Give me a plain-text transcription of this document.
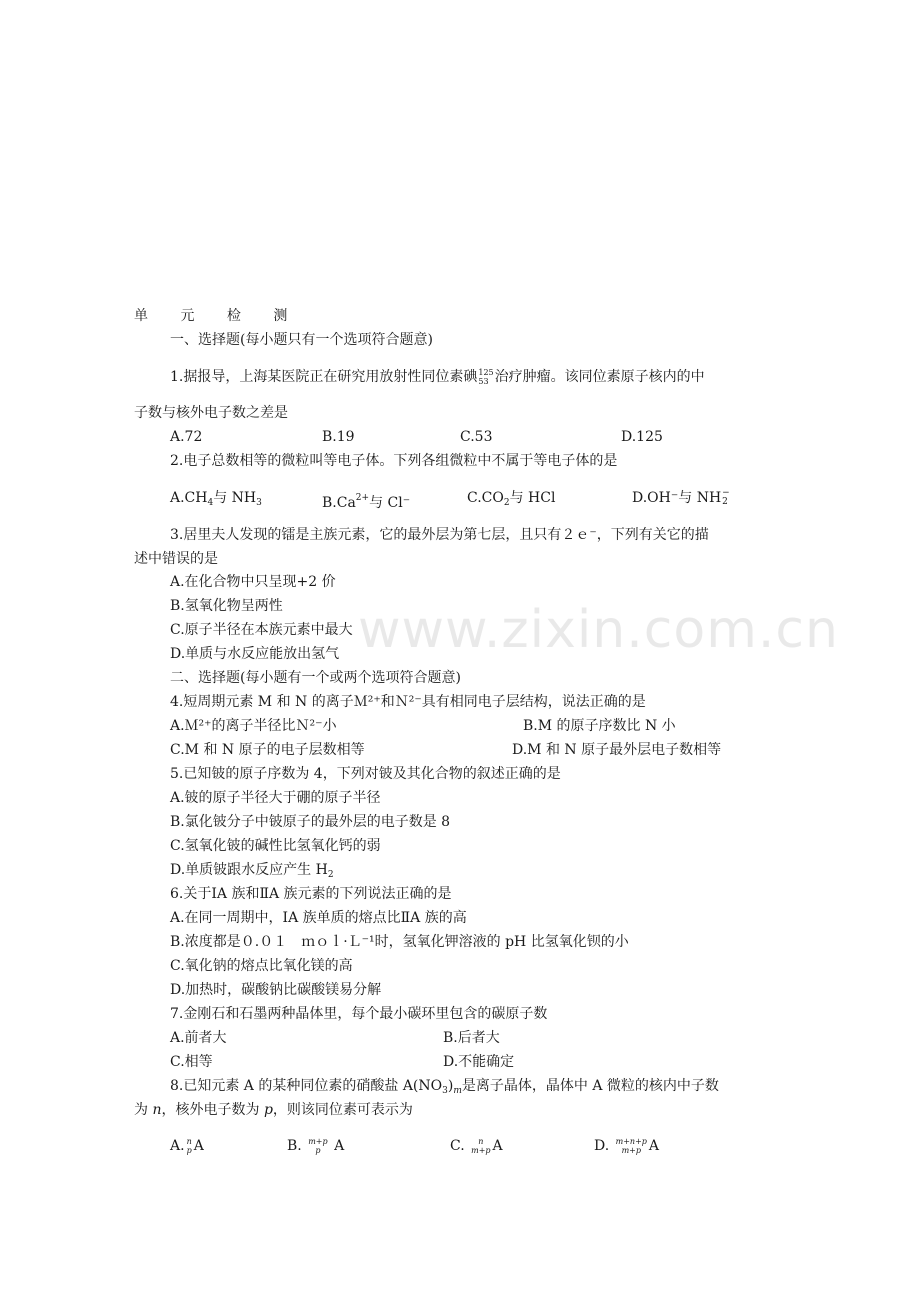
www.zixin.com.cn
单 元 检 测
一、选择题(每小题只有一个选项符合题意)
1.据报导，上海某医院正在研究用放射性同位素碘 125
53 治疗肿瘤。该同位素原子核内的中
子数与核外电子数之差是
A.72	B.19	C.53	D.125
2.电子总数相等的微粒叫等电子体。下列各组微粒中不属于等电子体的是
$A.CH_4$与 $NH_3$	$B.Ca^{2+}$与 Cl⁻	$C.CO_2$与 HCl	D.OH⁻与 NH −
2
3.居里夫人发现的镭是主族元素，它的最外层为第七层，且只有２ｅ⁻，下列有关它的描
述中错误的是
A.在化合物中只呈现+2 价
B.氢氧化物呈两性
C.原子半径在本族元素中最大
D.单质与水反应能放出氢气
二、选择题(每小题有一个或两个选项符合题意)
4.短周期元素 M 和 N 的离子Ｍ²⁺和Ｎ²⁻具有相同电子层结构，说法正确的是
A.Ｍ²⁺的离子半径比Ｎ²⁻小	B.M 的原子序数比 N 小
C.M 和 N 原子的电子层数相等	D.M 和 N 原子最外层电子数相等
5.已知铍的原子序数为 4，下列对铍及其化合物的叙述正确的是
A.铍的原子半径大于硼的原子半径
B.氯化铍分子中铍原子的最外层的电子数是 8
C.氢氧化铍的碱性比氢氧化钙的弱
D.单质铍跟水反应产生 $H_2$
6.关于ⅠA 族和ⅡA 族元素的下列说法正确的是
A.在同一周期中，ⅠA 族单质的熔点比ⅡA 族的高
B.浓度都是０.０１　ｍｏｌ·Ｌ⁻¹时，氢氧化钾溶液的 pH 比氢氧化钡的小
C.氧化钠的熔点比氧化镁的高
D.加热时，碳酸钠比碳酸镁易分解
7.金刚石和石墨两种晶体里，每个最小碳环里包含的碳原子数
A.前者大	B.后者大
C.相等	D.不能确定
8.已知元素 A 的某种同位素的硝酸盐 $A(NO_3)_m$是离子晶体，晶体中 A 微粒的核内中子数
为 n，核外电子数为 p，则该同位素可表示为
A. n
p A	B. m+p
p A	C.	n
m+p A	D. m+n+p
m+p A
